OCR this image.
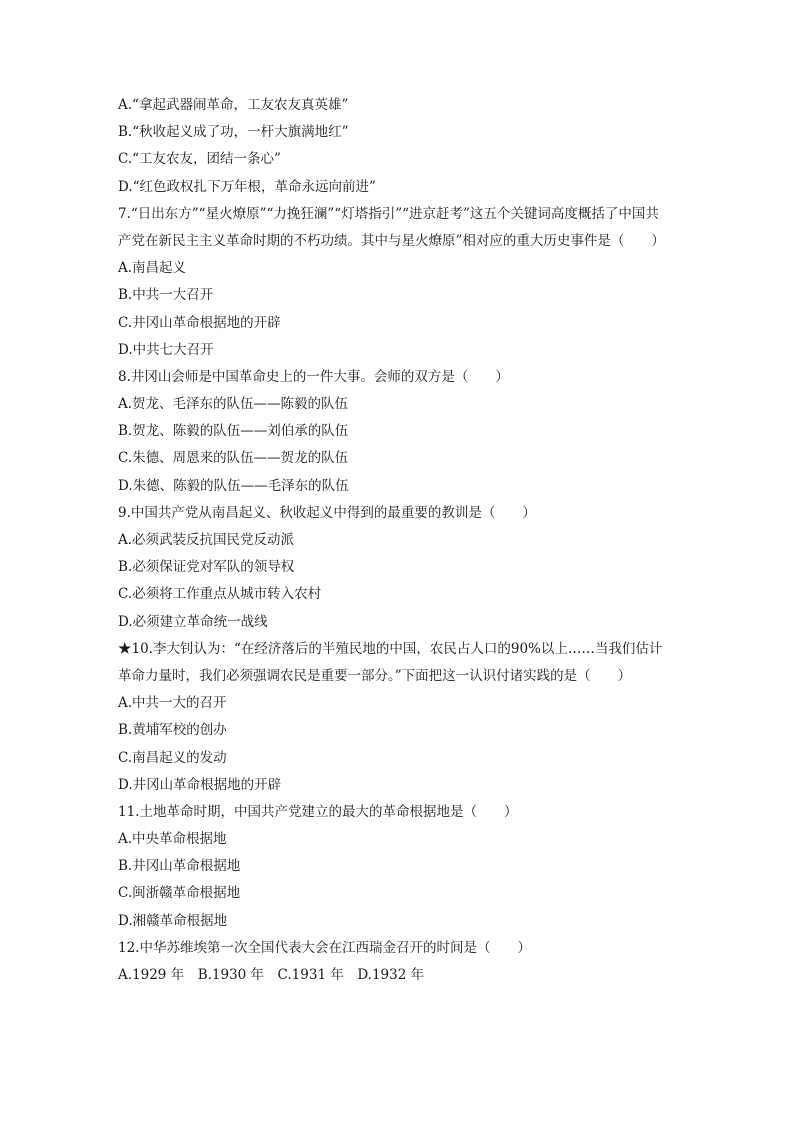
A.“拿起武器闹革命，工友农友真英雄”
B.“秋收起义成了功，一杆大旗满地红”
C.“工友农友，团结一条心”
D.“红色政权扎下万年根，革命永远向前进”
7.“日出东方”“星火燎原”“力挽狂澜”“灯塔指引”“进京赶考”这五个关键词高度概括了中国共
产党在新民主主义革命时期的不朽功绩。其中与星火燎原”相对应的重大历史事件是（　　）
A.南昌起义
B.中共一大召开
C.井冈山革命根据地的开辟
D.中共七大召开
8.井冈山会师是中国革命史上的一件大事。会师的双方是（　　）
A.贺龙、毛泽东的队伍——陈毅的队伍
B.贺龙、陈毅的队伍——刘伯承的队伍
C.朱德、周恩来的队伍——贺龙的队伍
D.朱德、陈毅的队伍——毛泽东的队伍
9.中国共产党从南昌起义、秋收起义中得到的最重要的教训是（　　）
A.必须武装反抗国民党反动派
B.必须保证党对军队的领导权
C.必须将工作重点从城市转入农村
D.必须建立革命统一战线
★10.李大钊认为：“在经济落后的半殖民地的中国，农民占人口的90%以上……当我们估计
革命力量时，我们必须强调农民是重要一部分。”下面把这一认识付诸实践的是（　　）
A.中共一大的召开
B.黄埔军校的创办
C.南昌起义的发动
D.井冈山革命根据地的开辟
11.土地革命时期，中国共产党建立的最大的革命根据地是（　　）
A.中央革命根据地
B.井冈山革命根据地
C.闽浙赣革命根据地
D.湘赣革命根据地
12.中华苏维埃第一次全国代表大会在江西瑞金召开的时间是（　　）
A.1929 年　B.1930 年　C.1931 年　D.1932 年
